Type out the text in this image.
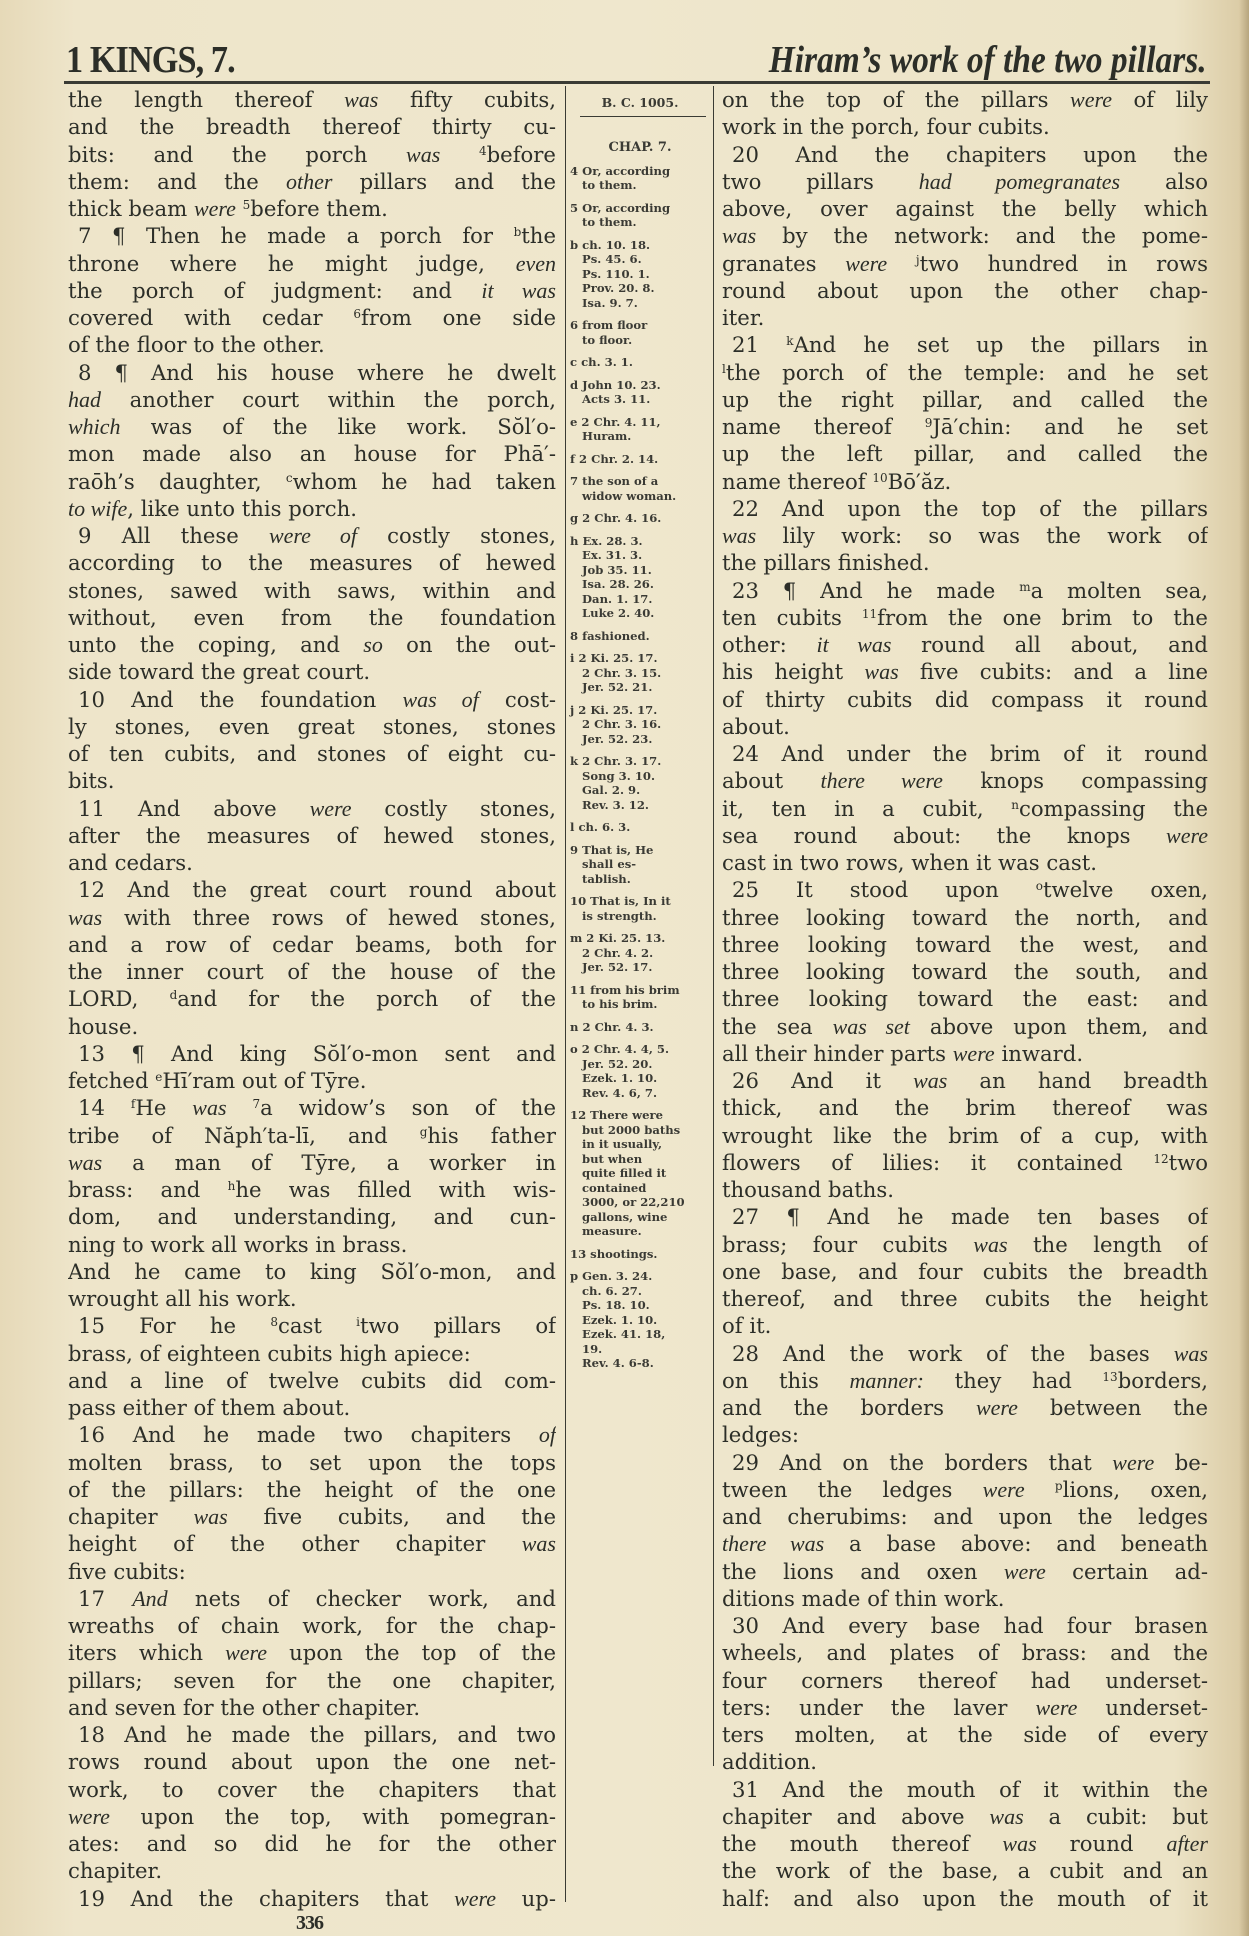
1 KINGS, 7.	Hiram’s work of the two pillars.
the length thereof was fifty cubits,
and the breadth thereof thirty cu-
bits: and the porch was	$^4$before
them: and the other pillars and the
thick beam were $^5$before them.
7 ¶ Then he made a porch for $^b$the
throne where he might judge, even
the porch of judgment: and it was
covered with cedar $^6$from one side
of the floor to the other.
8 ¶ And his house where he dwelt
had another court within the porch,
which was of the like work. Sŏl′o-
mon made also an house for Phā′-
raōh’s daughter, $^c$whom he had taken
to wife, like unto this porch.
9 All these were of costly stones,
according to the measures of hewed
stones, sawed with saws, within and
without, even from the foundation
unto the coping, and so on the out-
side toward the great court.
10 And the foundation was of cost-
ly stones, even great stones, stones
of ten cubits, and stones of eight cu-
bits.
11 And above were costly stones,
after the measures of hewed stones,
and cedars.
12 And the great court round about
was with three rows of hewed stones,
and a row of cedar beams, both for
the inner court of the house of the
LORD, $^d$and for the porch of the
house.
13 ¶ And king Sŏl′o-mon sent and
fetched $^e$Hī′ram out of Tȳre.
14 $^f$He was $^7$a widow’s son of the
tribe of Năph′ta-lī, and $^g$his father
was a man of Tȳre, a worker in
brass: and $^h$he was filled with wis-
dom, and understanding, and cun-
ning to work all works in brass.
And he came to king Sŏl′o-mon, and
wrought all his work.
15 For he $^8$cast $^i$two pillars of
brass, of eighteen cubits high apiece:
and a line of twelve cubits did com-
pass either of them about.
16 And he made two chapiters of
molten brass, to set upon the tops
of the pillars: the height of the one
chapiter was five cubits, and the
height of the other chapiter was
five cubits:
17 And nets of checker work, and
wreaths of chain work, for the chap-
iters which were upon the top of the
pillars; seven for the one chapiter,
and seven for the other chapiter.
18 And he made the pillars, and two
rows round about upon the one net-
work, to cover the chapiters that
were upon the top, with pomegran-
ates: and so did he for the other
chapiter.
19 And the chapiters that were up-
B. C. 1005.
CHAP. 7.
4 Or, according
to them.
5 Or, according
to them.
b ch. 10. 18.
Ps. 45. 6.
Ps. 110. 1.
Prov. 20. 8.
Isa. 9. 7.
6 from floor
to floor.
c ch. 3. 1.
d John 10. 23.
Acts 3. 11.
e 2 Chr. 4. 11,
Huram.
f 2 Chr. 2. 14.
7 the son of a
widow woman.
g 2 Chr. 4. 16.
h Ex. 28. 3.
Ex. 31. 3.
Job 35. 11.
Isa. 28. 26.
Dan. 1. 17.
Luke 2. 40.
8 fashioned.
i 2 Ki. 25. 17.
2 Chr. 3. 15.
Jer. 52. 21.
j 2 Ki. 25. 17.
2 Chr. 3. 16.
Jer. 52. 23.
k 2 Chr. 3. 17.
Song 3. 10.
Gal. 2. 9.
Rev. 3. 12.
l ch. 6. 3.
9 That is, He
shall es-
tablish.
10 That is, In it
is strength.
m 2 Ki. 25. 13.
2 Chr. 4. 2.
Jer. 52. 17.
11 from his brim
to his brim.
n 2 Chr. 4. 3.
o 2 Chr. 4. 4, 5.
Jer. 52. 20.
Ezek. 1. 10.
Rev. 4. 6, 7.
12 There were
but 2000 baths
in it usually,
but when
quite filled it
contained
3000, or 22,210
gallons, wine
measure.
13 shootings.
p Gen. 3. 24.
ch. 6. 27.
Ps. 18. 10.
Ezek. 1. 10.
Ezek. 41. 18,
19.
Rev. 4. 6-8.
on the top of the pillars were of lily
work in the porch, four cubits.
20 And the chapiters upon the
two pillars had pomegranates also
above, over against the belly which
was by the network: and the pome-
granates were $^j$two hundred in rows
round about upon the other chap-
iter.
21 $^k$And he set up the pillars in
$^l$the porch of the temple: and he set
up the right pillar, and called the
name thereof $^9$Jā′chin: and he set
up the left pillar, and called the
name thereof $^{10}$Bō′ăz.
22 And upon the top of the pillars
was lily work: so was the work of
the pillars finished.
23 ¶ And he made $^m$a molten sea,
ten cubits $^{11}$from the one brim to the
other: it was round all about, and
his height was five cubits: and a line
of thirty cubits did compass it round
about.
24 And under the brim of it round
about there were knops compassing
it, ten in a cubit, $^n$compassing the
sea round about: the knops were
cast in two rows, when it was cast.
25 It stood upon $^o$twelve oxen,
three looking toward the north, and
three looking toward the west, and
three looking toward the south, and
three looking toward the east: and
the sea was set above upon them, and
all their hinder parts were inward.
26 And it was an hand breadth
thick, and the brim thereof was
wrought like the brim of a cup, with
flowers of lilies: it contained $^{12}$two
thousand baths.
27 ¶ And he made ten bases of
brass; four cubits was the length of
one base, and four cubits the breadth
thereof, and three cubits the height
of it.
28 And the work of the bases was
on this manner: they had $^{13}$borders,
and the borders were between the
ledges:
29 And on the borders that were be-
tween the ledges were	$^p$lions, oxen,
and cherubims: and upon the ledges
there was a base above: and beneath
the lions and oxen were certain ad-
ditions made of thin work.
30 And every base had four brasen
wheels, and plates of brass: and the
four corners thereof had underset-
ters: under the laver were underset-
ters molten, at the side of every
addition.
31 And the mouth of it within the
chapiter and above was a cubit: but
the mouth thereof was round after
the work of the base, a cubit and an
half: and also upon the mouth of it
336
